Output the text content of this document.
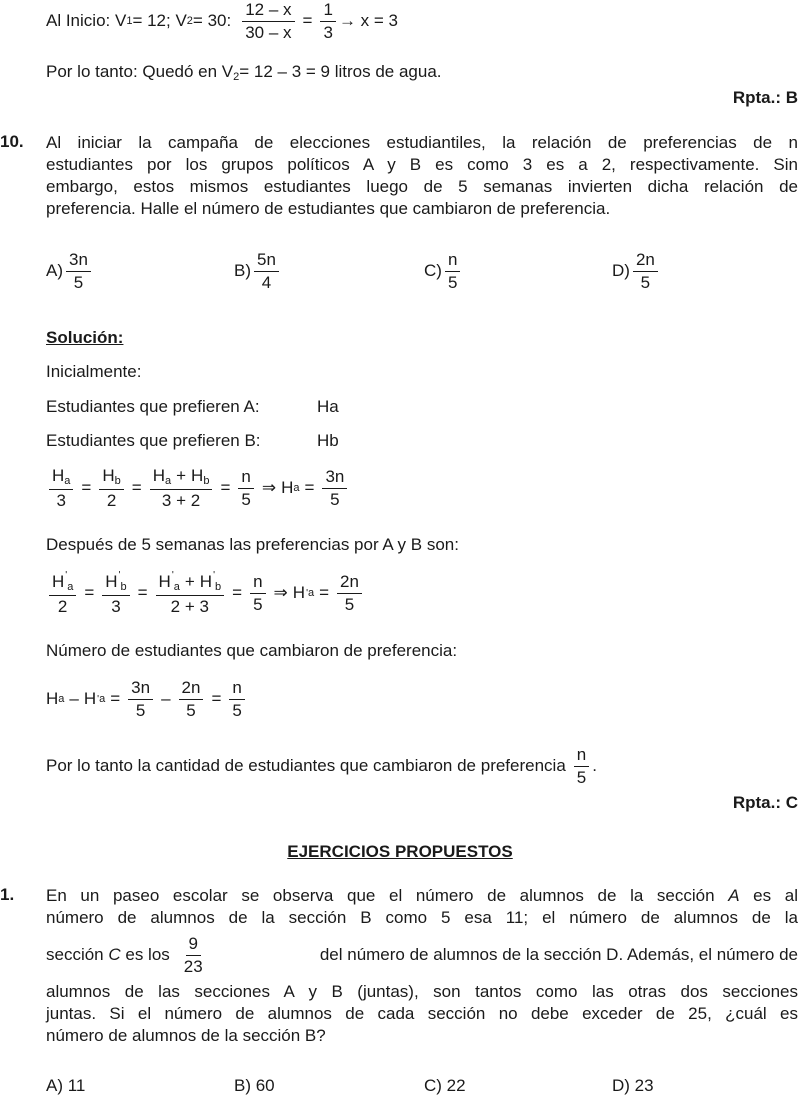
Al Inicio: V 1 = 12; V 2 = 30: $\frac{12 - x}{30 - x} = \frac{1}{3} \to x = 3$
Por lo tanto: Quedó en $V_2= 12 - 3 = 9$ litros de agua.
Rpta.: B
10. Al iniciar la campaña de elecciones estudiantiles, la relación de preferencias de n
estudiantes por los grupos políticos A y B es como 3 es a 2, respectivamente. Sin
embargo, estos mismos estudiantes luego de 5 semanas invierten dicha relación de
preferencia. Halle el número de estudiantes que cambiaron de preferencia.
$A) \frac{3n}{5}$	$B) \frac{5n}{4}$	$C) \frac{n}{5}$	$D) \frac{2n}{5}$
Solución:
Inicialmente:
Estudiantes que prefieren A:	Ha
Estudiantes que prefieren B:	Hb
$\frac{H_a}{3} = \frac{H_b}{2} = \frac{H_a + H_b}{3 + 2} = \frac{n}{5}$ ⇒ H $a = \frac{3n}{5}$
Después de 5 semanas las preferencias por A y B son:
$\frac{H'_a}{2} = \frac{H'_b}{3} = \frac{H'_a + H'_b}{2 + 3} = \frac{n}{5}$ ⇒ H ' $a = \frac{2n}{5}$
Número de estudiantes que cambiaron de preferencia:
H a – H ' $a = \frac{3n}{5} - \frac{2n}{5} = \frac{n}{5}$
Por lo tanto la cantidad de estudiantes que cambiaron de preferencia $\frac{n}{5}$ .
Rpta.: C
EJERCICIOS PROPUESTOS
1. En un paseo escolar se observa que el número de alumnos de la sección A es al
número de alumnos de la sección B como 5 esa 11; el número de alumnos de la
sección C es los $\frac{9}{23}$	del número de alumnos de la sección D. Además, el número de
alumnos de las secciones A y B (juntas), son tantos como las otras dos secciones
juntas. Si el número de alumnos de cada sección no debe exceder de 25, ¿cuál es
número de alumnos de la sección B?
A) 11	B) 60	C) 22	D) 23
